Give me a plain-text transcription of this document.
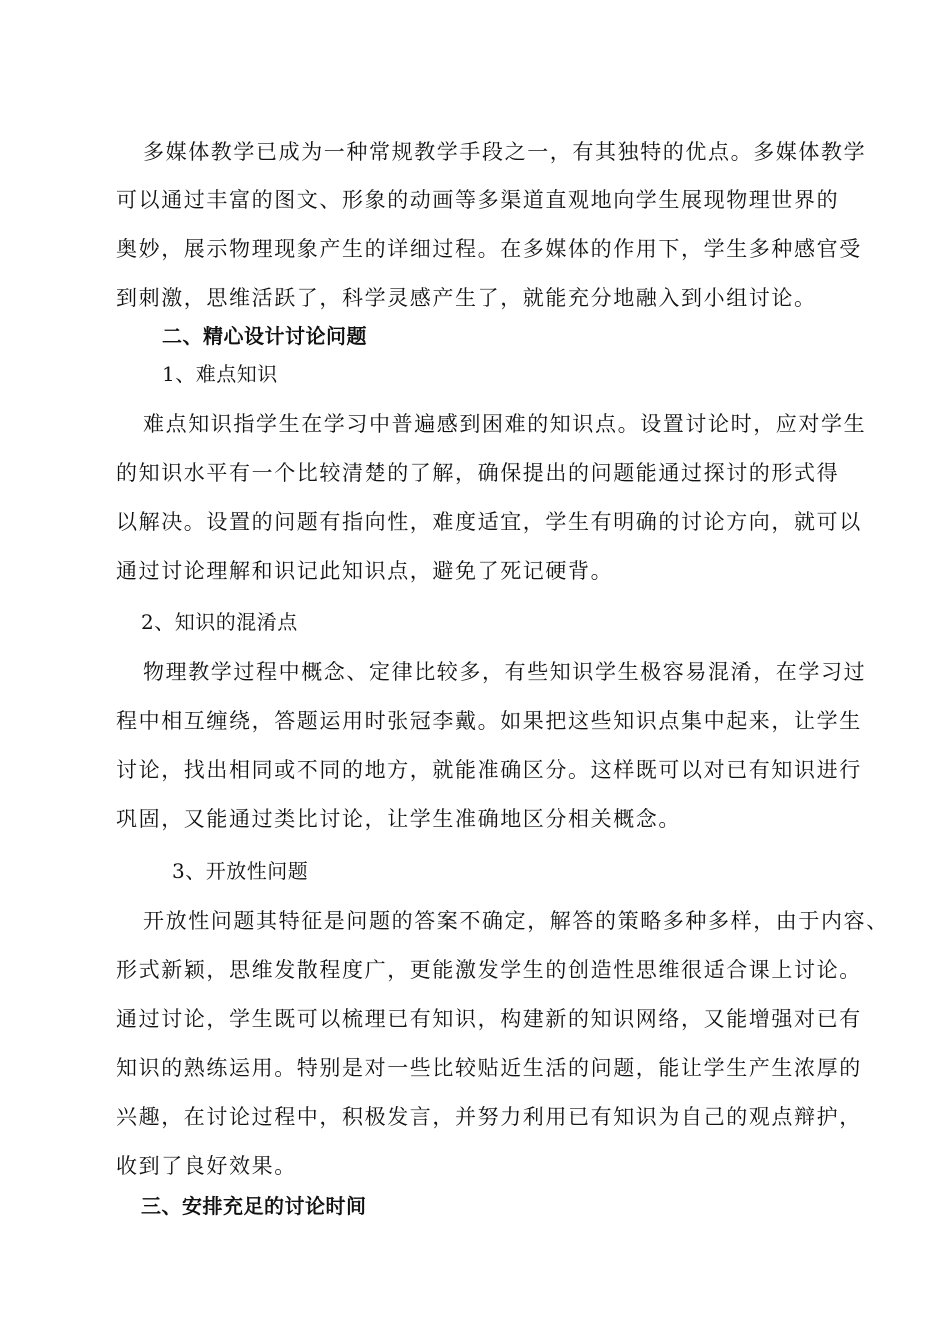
多媒体教学已成为一种常规教学手段之一，有其独特的优点。多媒体教学
可以通过丰富的图文、形象的动画等多渠道直观地向学生展现物理世界的
奥妙，展示物理现象产生的详细过程。在多媒体的作用下，学生多种感官受
到刺激，思维活跃了，科学灵感产生了，就能充分地融入到小组讨论。
二、精心设计讨论问题
1、难点知识
难点知识指学生在学习中普遍感到困难的知识点。设置讨论时，应对学生
的知识水平有一个比较清楚的了解，确保提出的问题能通过探讨的形式得
以解决。设置的问题有指向性，难度适宜，学生有明确的讨论方向，就可以
通过讨论理解和识记此知识点，避免了死记硬背。
2、知识的混淆点
物理教学过程中概念、定律比较多，有些知识学生极容易混淆，在学习过
程中相互缠绕，答题运用时张冠李戴。如果把这些知识点集中起来，让学生
讨论，找出相同或不同的地方，就能准确区分。这样既可以对已有知识进行
巩固，又能通过类比讨论，让学生准确地区分相关概念。
3、开放性问题
开放性问题其特征是问题的答案不确定，解答的策略多种多样，由于内容、
形式新颖，思维发散程度广，更能激发学生的创造性思维很适合课上讨论。
通过讨论，学生既可以梳理已有知识，构建新的知识网络，又能增强对已有
知识的熟练运用。特别是对一些比较贴近生活的问题，能让学生产生浓厚的
兴趣，在讨论过程中，积极发言，并努力利用已有知识为自己的观点辩护，
收到了良好效果。
三、安排充足的讨论时间
